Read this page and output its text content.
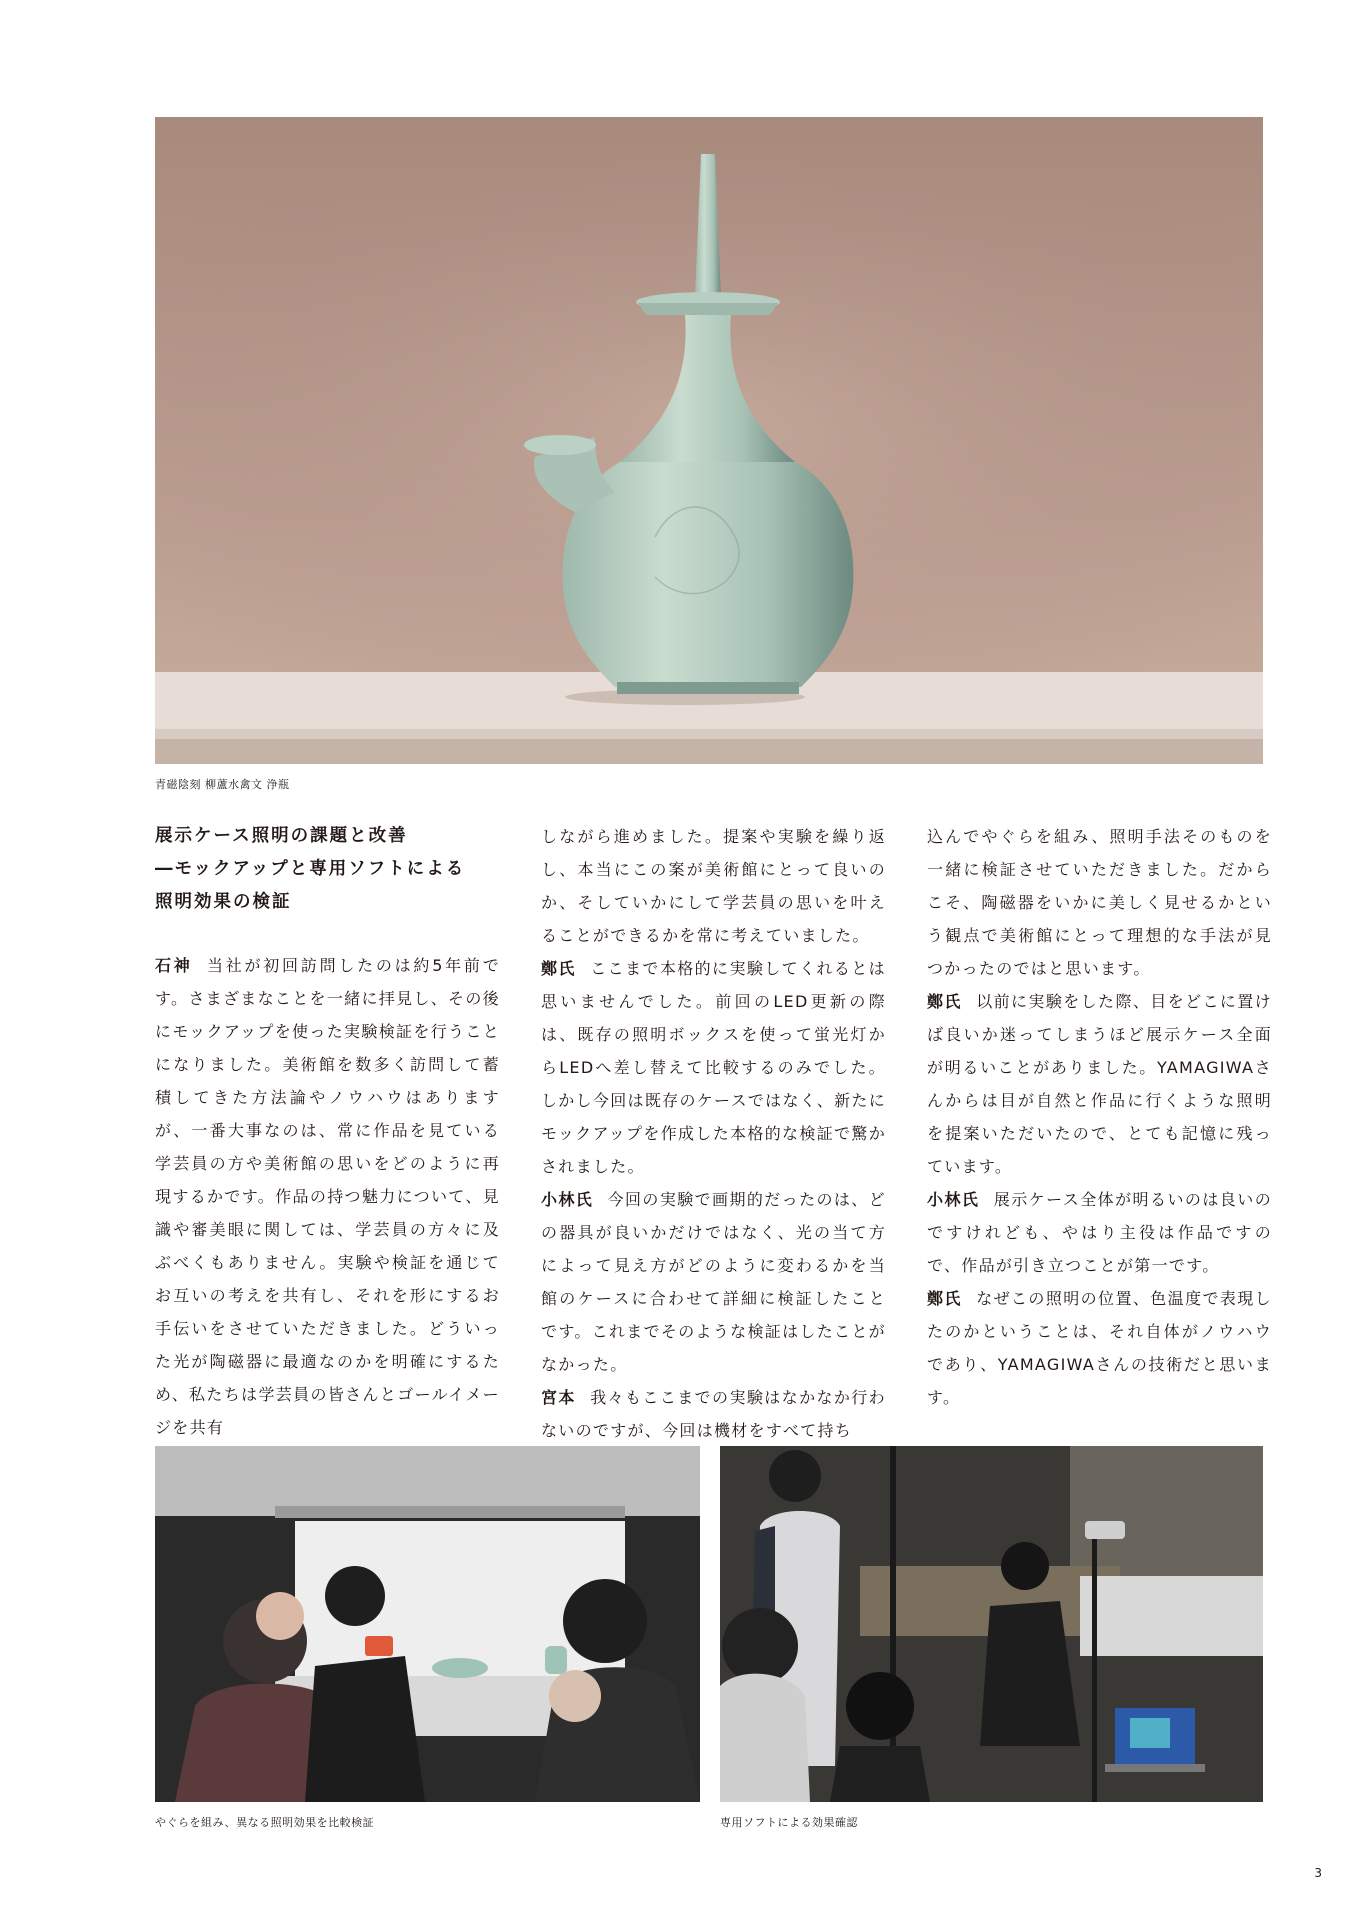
青磁陰刻 柳蘆水禽文 浄瓶
展示ケース照明の課題と改善
―モックアップと専用ソフトによる
照明効果の検証

石神 当社が初回訪問したのは約5年前です。さまざまなことを一緒に拝見し、その後にモックアップを使った実験検証を行うことになりました。美術館を数多く訪問して蓄積してきた方法論やノウハウはありますが、一番大事なのは、常に作品を見ている学芸員の方や美術館の思いをどのように再現するかです。作品の持つ魅力について、見識や審美眼に関しては、学芸員の方々に及ぶべくもありません。実験や検証を通じてお互いの考えを共有し、それを形にするお手伝いをさせていただきました。どういった光が陶磁器に最適なのかを明確にするため、私たちは学芸員の皆さんとゴールイメージを共有

しながら進めました。提案や実験を繰り返し、本当にこの案が美術館にとって良いのか、そしていかにして学芸員の思いを叶えることができるかを常に考えていました。

鄭氏 ここまで本格的に実験してくれるとは思いませんでした。前回のLED更新の際は、既存の照明ボックスを使って蛍光灯からLEDへ差し替えて比較するのみでした。しかし今回は既存のケースではなく、新たにモックアップを作成した本格的な検証で驚かされました。

小林氏 今回の実験で画期的だったのは、どの器具が良いかだけではなく、光の当て方によって見え方がどのように変わるかを当館のケースに合わせて詳細に検証したことです。これまでそのような検証はしたことがなかった。

宮本 我々もここまでの実験はなかなか行わないのですが、今回は機材をすべて持ち

込んでやぐらを組み、照明手法そのものを一緒に検証させていただきました。だからこそ、陶磁器をいかに美しく見せるかという観点で美術館にとって理想的な手法が見つかったのではと思います。

鄭氏 以前に実験をした際、目をどこに置けば良いか迷ってしまうほど展示ケース全面が明るいことがありました。YAMAGIWAさんからは目が自然と作品に行くような照明を提案いただいたので、とても記憶に残っています。

小林氏 展示ケース全体が明るいのは良いのですけれども、やはり主役は作品ですので、作品が引き立つことが第一です。

鄭氏 なぜこの照明の位置、色温度で表現したのかということは、それ自体がノウハウであり、YAMAGIWAさんの技術だと思います。

やぐらを組み、異なる照明効果を比較検証	専用ソフトによる効果確認
3
